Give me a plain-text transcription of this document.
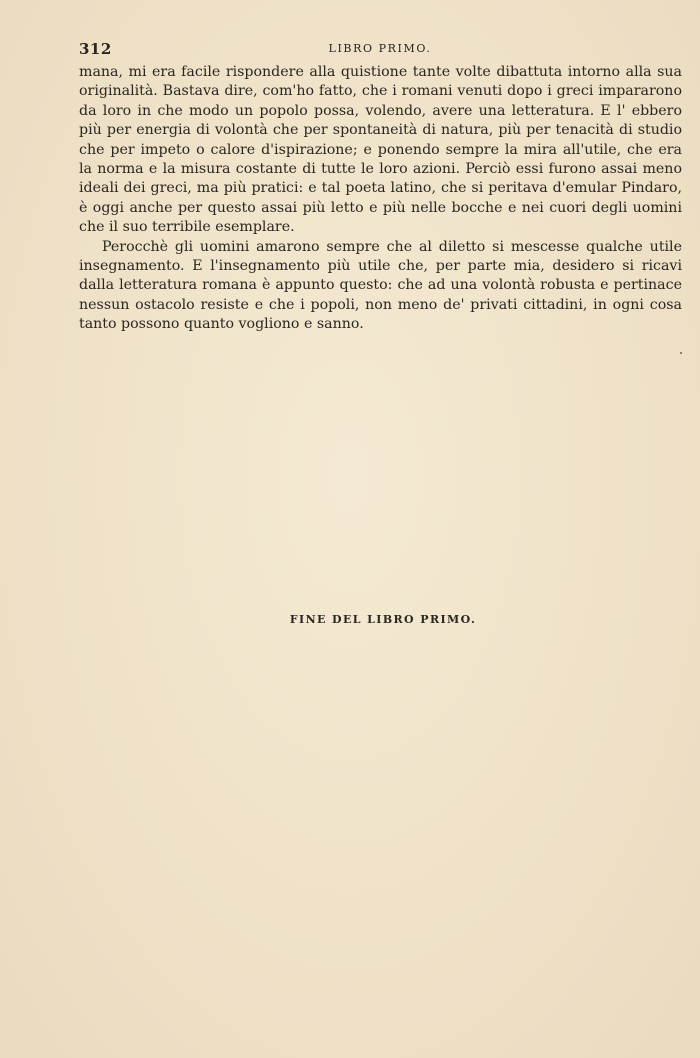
312	LIBRO PRIMO.
mana, mi era facile rispondere alla quistione tante volte dibattuta intorno alla sua
originalità. Bastava dire, com'ho fatto, che i romani venuti dopo i greci impararono
da loro in che modo un popolo possa, volendo, avere una letteratura. E l' ebbero
più per energia di volontà che per spontaneità di natura, più per tenacità di studio
che per impeto o calore d'ispirazione; e ponendo sempre la mira all'utile, che era
la norma e la misura costante di tutte le loro azioni. Perciò essi furono assai meno
ideali dei greci, ma più pratici: e tal poeta latino, che si peritava d'emular Pindaro,
è oggi anche per questo assai più letto e più nelle bocche e nei cuori degli uomini
che il suo terribile esemplare.
Perocchè gli uomini amarono sempre che al diletto si mescesse qualche utile
insegnamento. E l'insegnamento più utile che, per parte mia, desidero si ricavi
dalla letteratura romana è appunto questo: che ad una volontà robusta e pertinace
nessun ostacolo resiste e che i popoli, non meno de' privati cittadini, in ogni cosa
tanto possono quanto vogliono e sanno.
FINE DEL LIBRO PRIMO.
